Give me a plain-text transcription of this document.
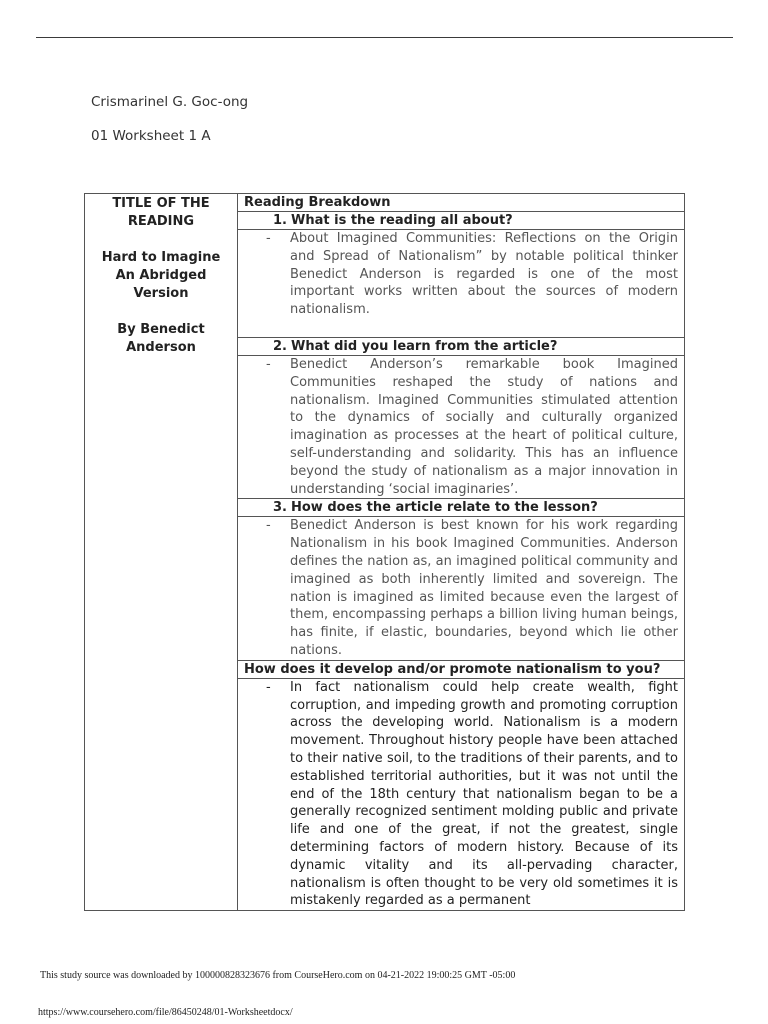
Crismarinel G. Goc-ong
01 Worksheet 1 A
TITLE OF THE READING
Hard to Imagine An Abridged Version
By Benedict Anderson
	Reading Breakdown
1. What is the reading all about?

- About Imagined Communities: Reflections on the Origin and Spread of Nationalism” by notable political thinker Benedict Anderson is regarded is one of the most important works written about the sources of modern nationalism.

2. What did you learn from the article?

- Benedict Anderson’s remarkable book Imagined Communities reshaped the study of nations and nationalism. Imagined Communities stimulated attention to the dynamics of socially and culturally organized imagination as processes at the heart of political culture, self-understanding and solidarity. This has an influence beyond the study of nationalism as a major innovation in understanding ‘social imaginaries’.

3. How does the article relate to the lesson?

- Benedict Anderson is best known for his work regarding Nationalism in his book Imagined Communities. Anderson defines the nation as, an imagined political community and imagined as both inherently limited and sovereign. The nation is imagined as limited because even the largest of them, encompassing perhaps a billion living human beings, has finite, if elastic, boundaries, beyond which lie other nations.

How does it develop and/or promote nationalism to you?

- In fact nationalism could help create wealth, fight corruption, and impeding growth and promoting corruption across the developing world. Nationalism is a modern movement. Throughout history people have been attached to their native soil, to the traditions of their parents, and to established territorial authorities, but it was not until the end of the 18th century that nationalism began to be a generally recognized sentiment molding public and private life and one of the great, if not the greatest, single determining factors of modern history. Because of its dynamic vitality and its all-pervading character, nationalism is often thought to be very old sometimes it is mistakenly regarded as a permanent

This study source was downloaded by 100000828323676 from CourseHero.com on 04-21-2022 19:00:25 GMT -05:00
https://www.coursehero.com/file/86450248/01-Worksheetdocx/
